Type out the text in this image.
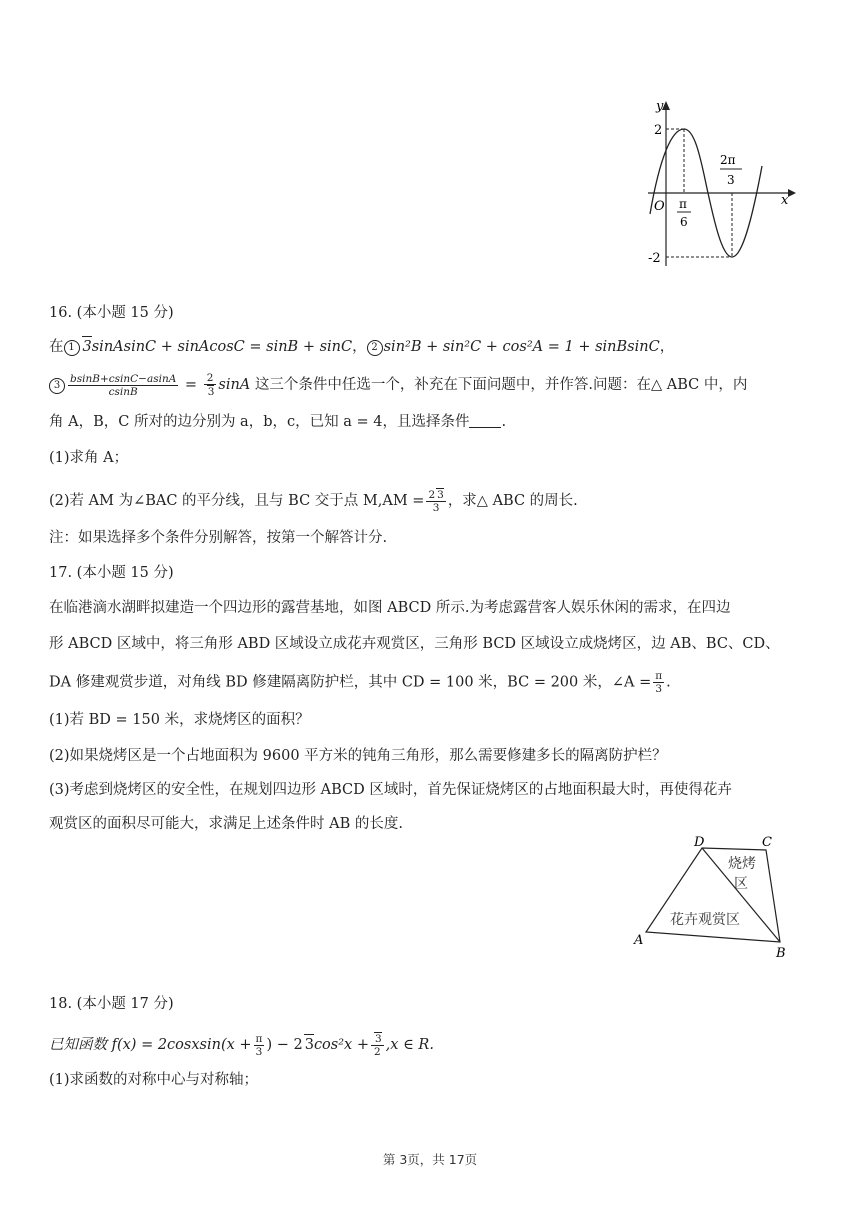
y
x
O
2
-2
π
6
2π
3
16. (本小题 15 分)
在 1 3sinAsinC + sinAcosC = sinB + sinC， 2 sin²B + sin²C + cos²A = 1 + sinBsinC，
$3 \frac{bsinB+csinC-asinA}{csinB} = \frac{2}{3}$ sinA 这三个条件中任选一个，补充在下面问题中，并作答.问题：在△ ABC 中，内
角 A，B，C 所对的边分别为 a，b，c，已知 a = 4，且选择条件 .
(1)求角 A；
(2)若 AM 为∠BAC 的平分线，且与 BC 交于点 $M,AM = \frac{2 3}{3}$ ，求△ ABC 的周长.
注：如果选择多个条件分别解答，按第一个解答计分.
17. (本小题 15 分)
在临港滴水湖畔拟建造一个四边形的露营基地，如图 ABCD 所示.为考虑露营客人娱乐休闲的需求，在四边
形 ABCD 区域中，将三角形 ABD 区域设立成花卉观赏区，三角形 BCD 区域设立成烧烤区，边 AB、BC、CD、
DA 修建观赏步道，对角线 BD 修建隔离防护栏，其中 CD = 100 米，BC = 200 米，∠A = $\frac{\pi}{3}$ .
(1)若 BD = 150 米，求烧烤区的面积？
(2)如果烧烤区是一个占地面积为 9600 平方米的钝角三角形，那么需要修建多长的隔离防护栏？
(3)考虑到烧烤区的安全性，在规划四边形 ABCD 区域时，首先保证烧烤区的占地面积最大时，再使得花卉
观赏区的面积尽可能大，求满足上述条件时 AB 的长度.
A
B
C
D
烧烤
区
花卉观赏区
18. (本小题 17 分)
已知函数 f(x) = 2cosxsin(x + $\frac{\pi}{3}$ ) − 2 $3\cos^2x + \frac{3}{2} ,x$ ∈ R.
(1)求函数的对称中心与对称轴；
第 3页，共 17页
